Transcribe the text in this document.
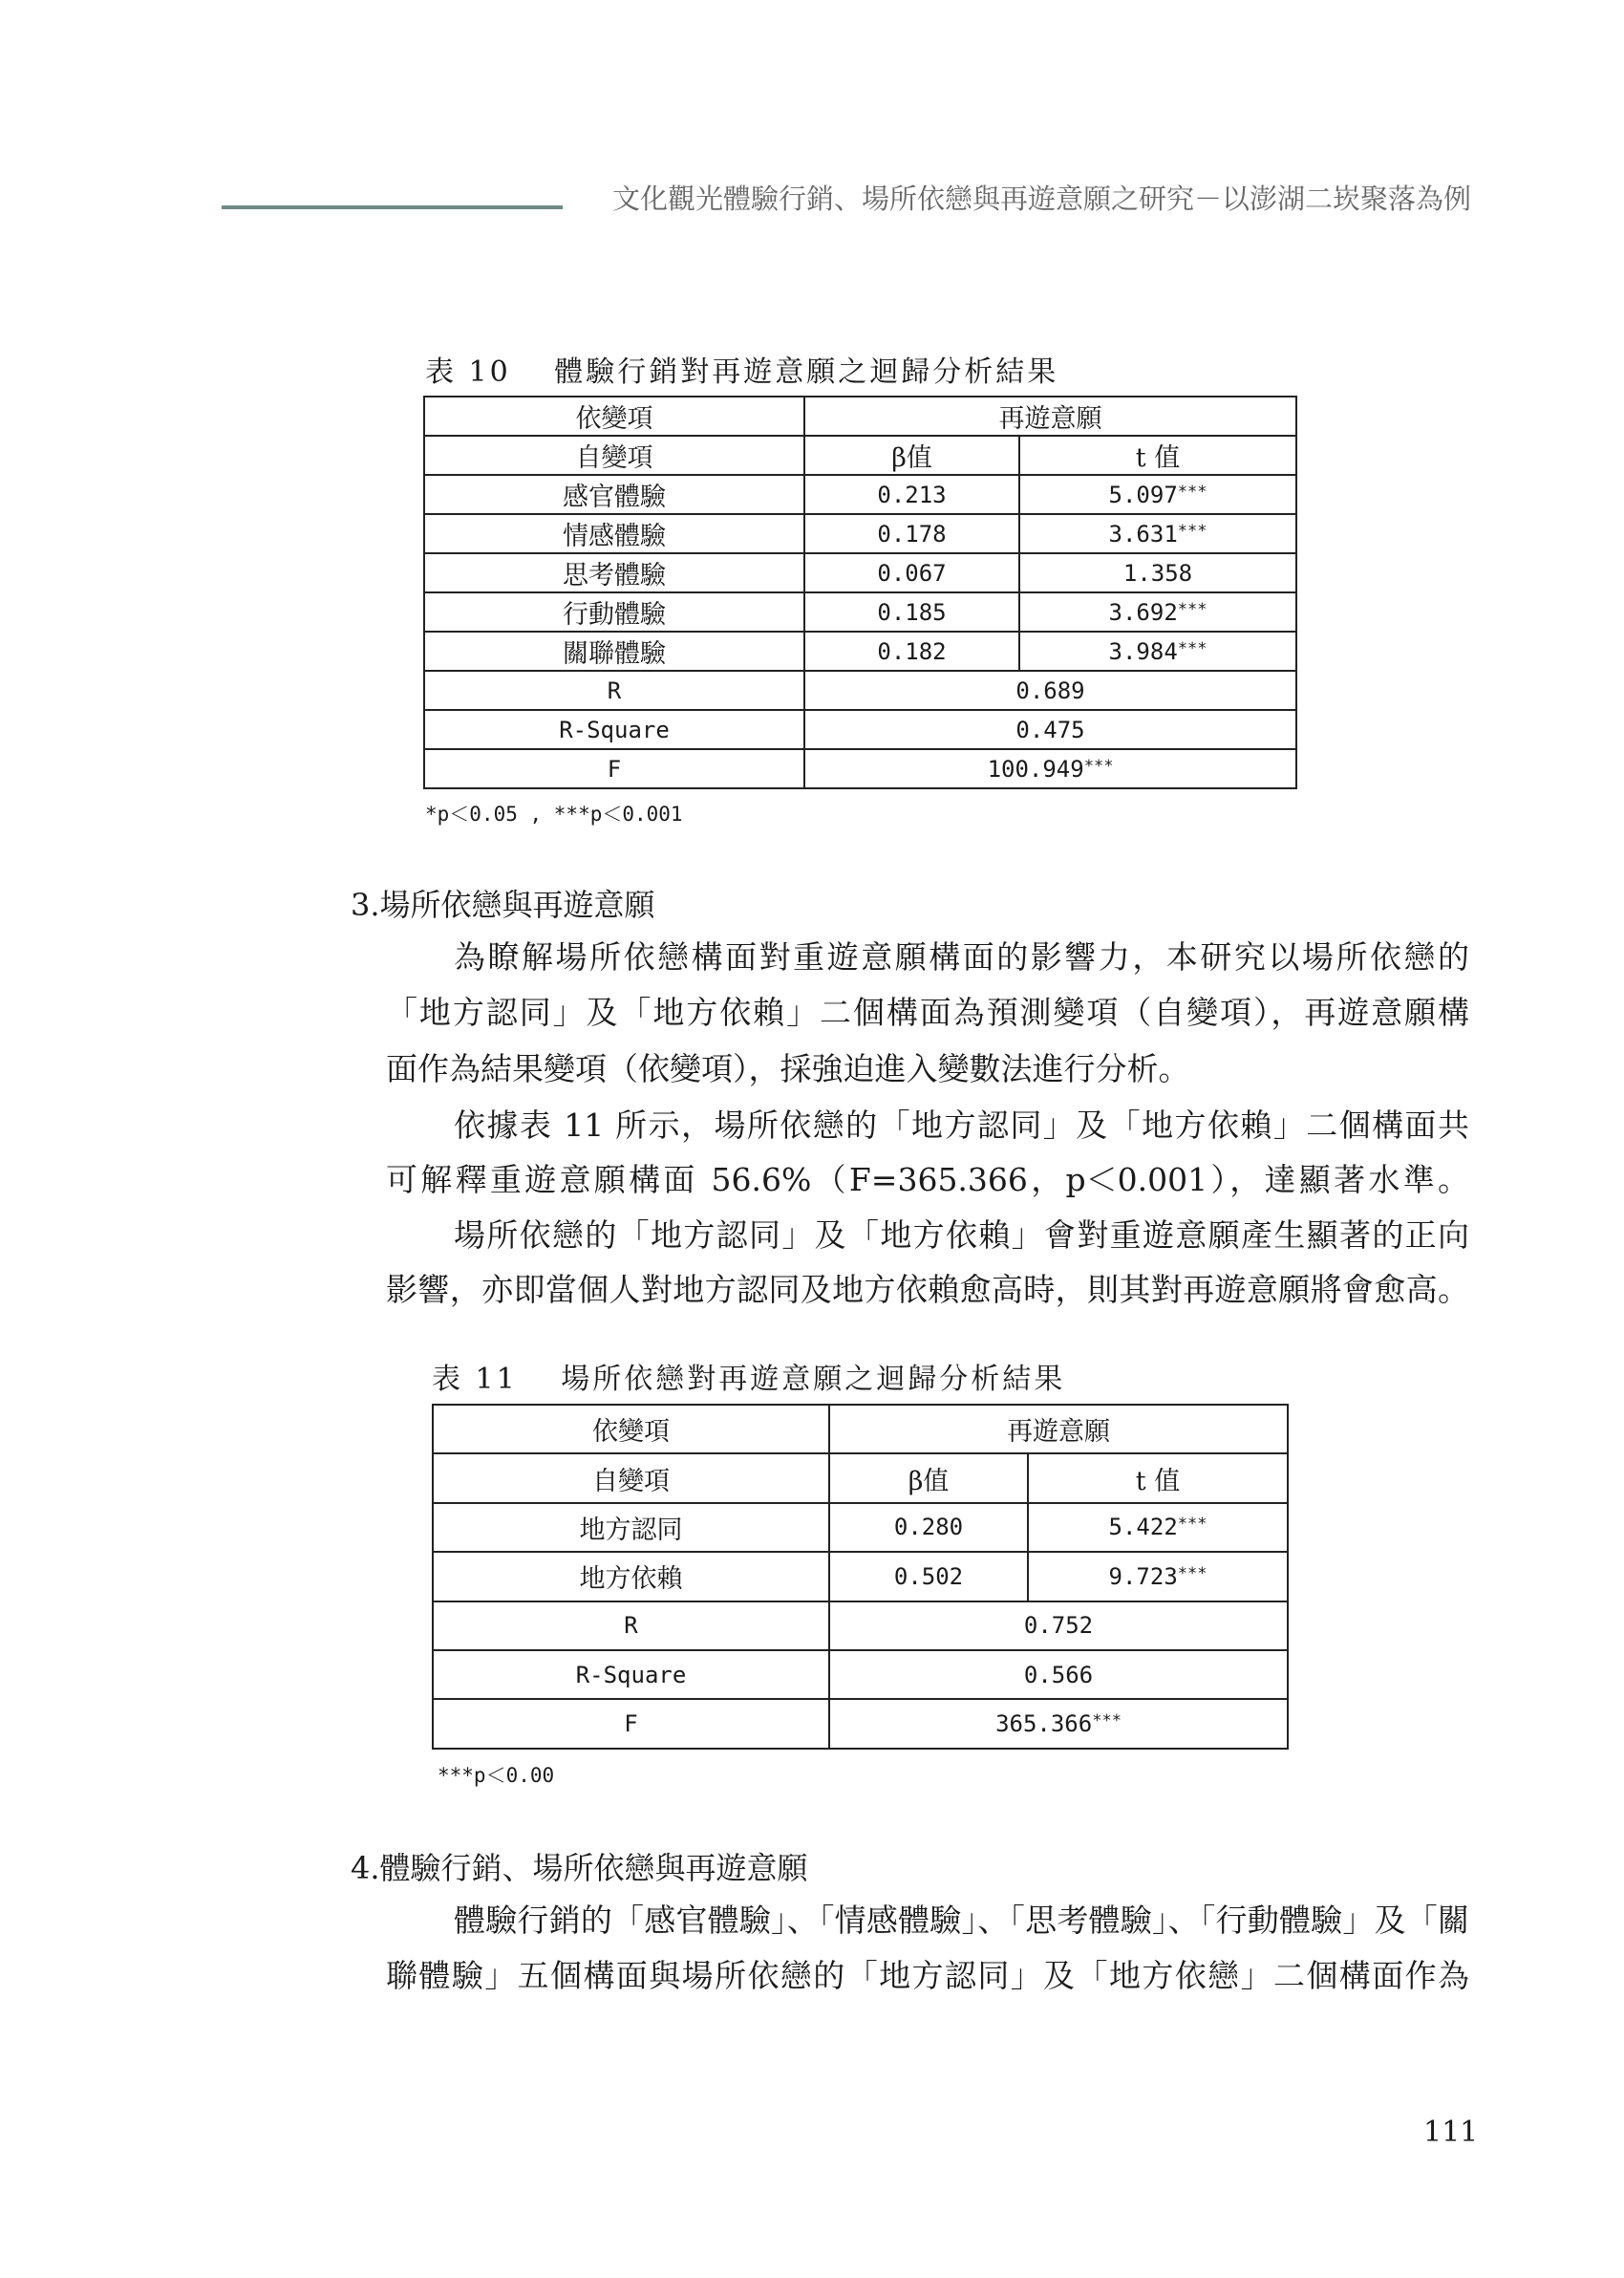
文化觀光體驗行銷、場所依戀與再遊意願之研究－以澎湖二崁聚落為例
表 10　 體驗行銷對再遊意願之迴歸分析結果
依變項	再遊意願	
自變項	β值	t 值
感官體驗	0.213	5.097***
情感體驗	0.178	3.631***
思考體驗	0.067	1.358
行動體驗	0.185	3.692***
關聯體驗	0.182	3.984***
R	0.689	
R-Square	0.475	
F	100.949***
*p＜0.05 , ***p＜0.001
3.場所依戀與再遊意願
為瞭解場所依戀構面對重遊意願構面的影響力，本研究以場所依戀的
「地方認同」及「地方依賴」二個構面為預測變項（自變項），再遊意願構
面作為結果變項（依變項），採強迫進入變數法進行分析。
依據表 11 所示，場所依戀的「地方認同」及「地方依賴」二個構面共
可解釋重遊意願構面 56.6%（F=365.366，p＜0.001），達顯著水準。
場所依戀的「地方認同」及「地方依賴」會對重遊意願產生顯著的正向
影響，亦即當個人對地方認同及地方依賴愈高時，則其對再遊意願將會愈高。
表 11　 場所依戀對再遊意願之迴歸分析結果
依變項	再遊意願	
自變項	β值	t 值
地方認同	0.280	5.422***
地方依賴	0.502	9.723***
R	0.752	
R-Square	0.566	
F	365.366***
***p＜0.00
4.體驗行銷、場所依戀與再遊意願
體驗行銷的「感官體驗」、「情感體驗」、「思考體驗」、「行動體驗」及「關
聯體驗」五個構面與場所依戀的「地方認同」及「地方依戀」二個構面作為
111
